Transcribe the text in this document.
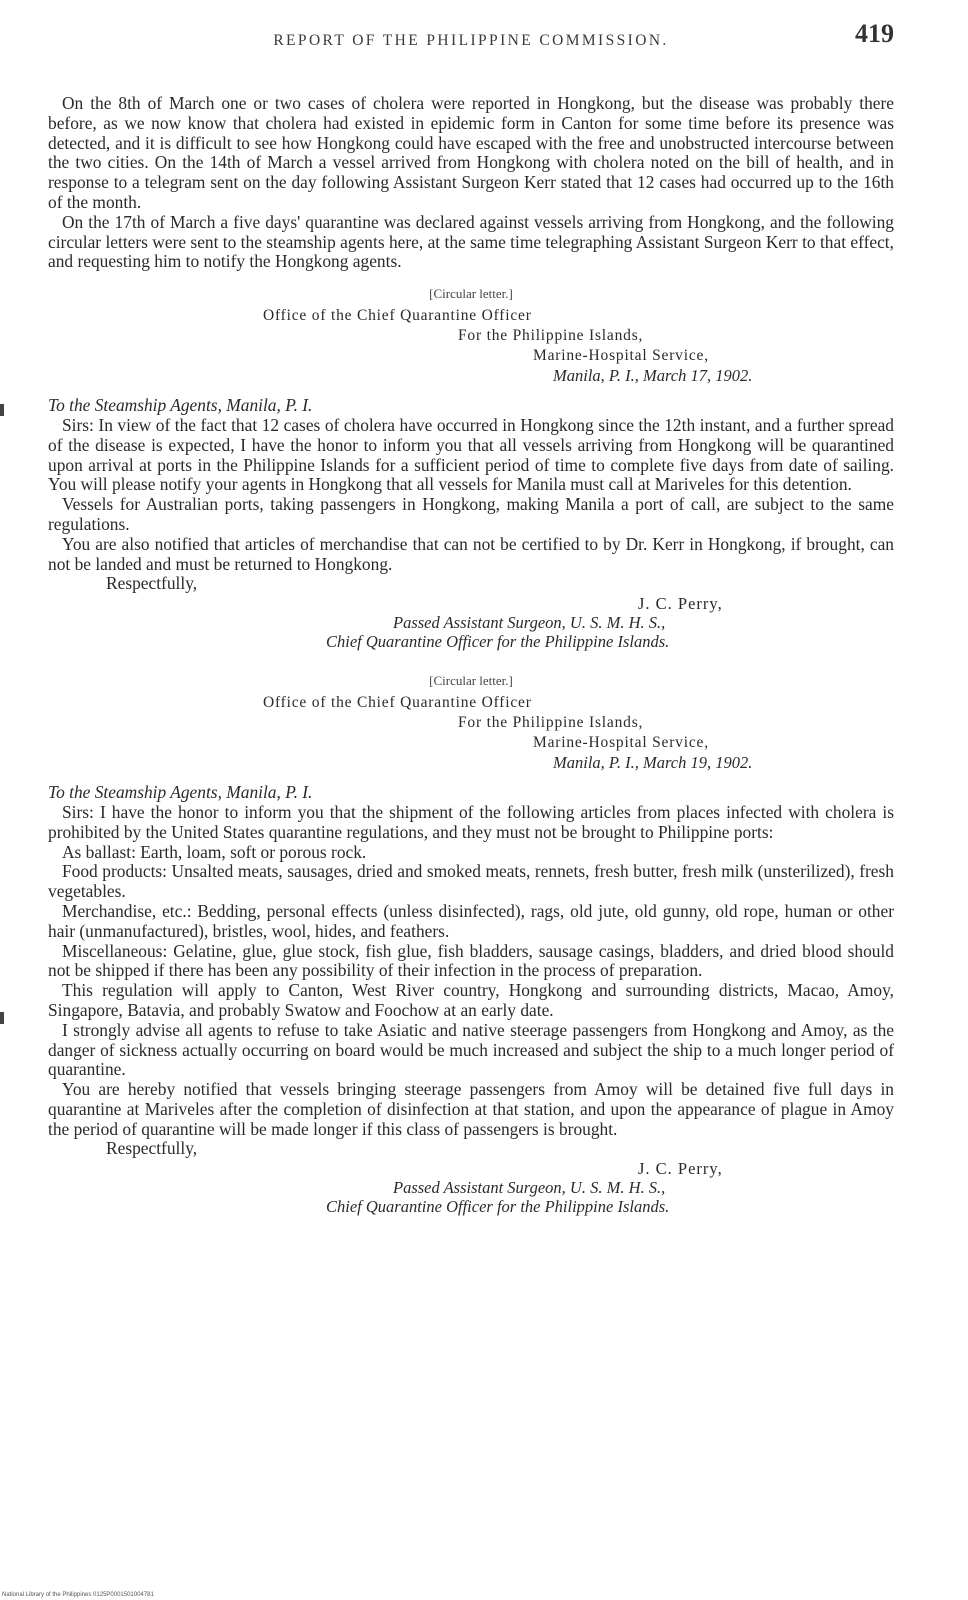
REPORT OF THE PHILIPPINE COMMISSION.	419

On the 8th of March one or two cases of cholera were reported in Hongkong, but the disease was probably there before, as we now know that cholera had existed in epidemic form in Canton for some time before its presence was detected, and it is difficult to see how Hongkong could have escaped with the free and unobstructed intercourse between the two cities. On the 14th of March a vessel arrived from Hongkong with cholera noted on the bill of health, and in response to a telegram sent on the day following Assistant Surgeon Kerr stated that 12 cases had occurred up to the 16th of the month.

On the 17th of March a five days' quarantine was declared against vessels arriving from Hongkong, and the following circular letters were sent to the steamship agents here, at the same time telegraphing Assistant Surgeon Kerr to that effect, and requesting him to notify the Hongkong agents.

[Circular letter.]
Office of the Chief Quarantine Officer
For the Philippine Islands,
Marine-Hospital Service,
Manila, P. I., March 17, 1902.

To the Steamship Agents, Manila, P. I.

Sirs: In view of the fact that 12 cases of cholera have occurred in Hongkong since the 12th instant, and a further spread of the disease is expected, I have the honor to inform you that all vessels arriving from Hongkong will be quarantined upon arrival at ports in the Philippine Islands for a sufficient period of time to complete five days from date of sailing. You will please notify your agents in Hongkong that all vessels for Manila must call at Mariveles for this detention.

Vessels for Australian ports, taking passengers in Hongkong, making Manila a port of call, are subject to the same regulations.

You are also notified that articles of merchandise that can not be certified to by Dr. Kerr in Hongkong, if brought, can not be landed and must be returned to Hongkong.

Respectfully,

J. C. Perry,
Passed Assistant Surgeon, U. S. M. H. S.,
Chief Quarantine Officer for the Philippine Islands.
[Circular letter.]
Office of the Chief Quarantine Officer
For the Philippine Islands,
Marine-Hospital Service,
Manila, P. I., March 19, 1902.

To the Steamship Agents, Manila, P. I.

Sirs: I have the honor to inform you that the shipment of the following articles from places infected with cholera is prohibited by the United States quarantine regulations, and they must not be brought to Philippine ports:

As ballast: Earth, loam, soft or porous rock.

Food products: Unsalted meats, sausages, dried and smoked meats, rennets, fresh butter, fresh milk (unsterilized), fresh vegetables.

Merchandise, etc.: Bedding, personal effects (unless disinfected), rags, old jute, old gunny, old rope, human or other hair (unmanufactured), bristles, wool, hides, and feathers.

Miscellaneous: Gelatine, glue, glue stock, fish glue, fish bladders, sausage casings, bladders, and dried blood should not be shipped if there has been any possibility of their infection in the process of preparation.

This regulation will apply to Canton, West River country, Hongkong and surrounding districts, Macao, Amoy, Singapore, Batavia, and probably Swatow and Foochow at an early date.

I strongly advise all agents to refuse to take Asiatic and native steerage passengers from Hongkong and Amoy, as the danger of sickness actually occurring on board would be much increased and subject the ship to a much longer period of quarantine.

You are hereby notified that vessels bringing steerage passengers from Amoy will be detained five full days in quarantine at Mariveles after the completion of disinfection at that station, and upon the appearance of plague in Amoy the period of quarantine will be made longer if this class of passengers is brought.

Respectfully,

J. C. Perry,
Passed Assistant Surgeon, U. S. M. H. S.,
Chief Quarantine Officer for the Philippine Islands.
National Library of the Philippines 0125P0001501004781
